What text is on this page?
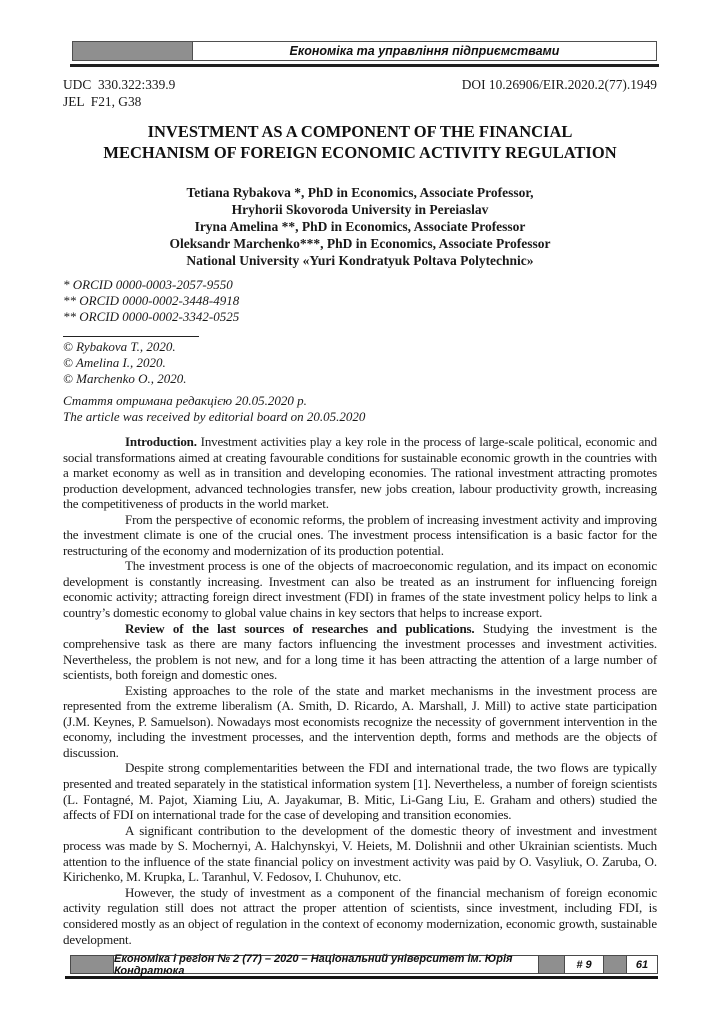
Економіка та управління підприємствами
UDC  330.322:339.9
JEL  F21, G38
DOI 10.26906/EIR.2020.2(77).1949
INVESTMENT AS A COMPONENT OF THE FINANCIAL
MECHANISM OF FOREIGN ECONOMIC ACTIVITY REGULATION
Tetiana Rybakova *, PhD in Economics, Associate Professor,
Hryhorii Skovoroda University in Pereiaslav
Iryna Amelina **, PhD in Economics, Associate Professor
Oleksandr Marchenko***, PhD in Economics, Associate Professor
National University «Yuri Kondratyuk Poltava Polytechnic»
* ORCID 0000-0003-2057-9550
** ORCID 0000-0002-3448-4918
** ORCID 0000-0002-3342-0525
© Rybakova T., 2020.
© Amelina I., 2020.
© Marchenko O., 2020.
Стаття отримана редакцією 20.05.2020 р.
The article was received by editorial board on 20.05.2020

Introduction. Investment activities play a key role in the process of large-scale political, economic and social transformations aimed at creating favourable conditions for sustainable economic growth in the countries with a market economy as well as in transition and developing economies. The rational investment attracting promotes production development, advanced technologies transfer, new jobs creation, labour productivity growth, increasing the competitiveness of products in the world market.

From the perspective of economic reforms, the problem of increasing investment activity and improving the investment climate is one of the crucial ones. The investment process intensification is a basic factor for the restructuring of the economy and modernization of its production potential.

The investment process is one of the objects of macroeconomic regulation, and its impact on economic development is constantly increasing. Investment can also be treated as an instrument for influencing foreign economic activity; attracting foreign direct investment (FDI) in frames of the state investment policy helps to link a country’s domestic economy to global value chains in key sectors that helps to increase export.

Review of the last sources of researches and publications. Studying the investment is the comprehensive task as there are many factors influencing the investment processes and investment activities. Nevertheless, the problem is not new, and for a long time it has been attracting the attention of a large number of scientists, both foreign and domestic ones.

Existing approaches to the role of the state and market mechanisms in the investment process are represented from the extreme liberalism (A. Smith, D. Ricardo, A. Marshall, J. Mill) to active state participation (J.M. Keynes, P. Samuelson). Nowadays most economists recognize the necessity of government intervention in the economy, including the investment processes, and the intervention depth, forms and methods are the objects of discussion.

Despite strong complementarities between the FDI and international trade, the two flows are typically presented and treated separately in the statistical information system [1]. Nevertheless, a number of foreign scientists (L. Fontagné, M. Pajot, Xiaming Liu, A. Jayakumar, B. Mitic, Li-Gang Liu, E. Graham and others) studied the affects of FDI on international trade for the case of developing and transition economies.

A significant contribution to the development of the domestic theory of investment and investment process was made by S. Mochernyi, A. Halchynskyi, V. Heiets, M. Dolishnii and other Ukrainian scientists. Much attention to the influence of the state financial policy on investment activity was paid by O. Vasyliuk, O. Zaruba, O. Kirichenko, M. Krupka, L. Taranhul, V. Fedosov, I. Chuhunov, etc.

However, the study of investment as a component of the financial mechanism of foreign economic activity regulation still does not attract the proper attention of scientists, since investment, including FDI, is considered mostly as an object of regulation in the context of economy modernization, economic growth, sustainable development.

Економіка і регіон № 2 (77) – 2020 – Національний університет ім. Юрія Кондратюка	# 9	61
